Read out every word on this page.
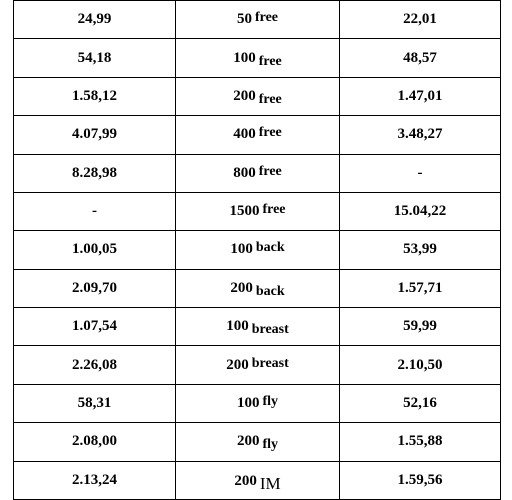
24,99	50 free	22,01
54,18	100 free	48,57
1.58,12	200 free	1.47,01
4.07,99	400 free	3.48,27
8.28,98	800 free	-
-	1500 free	15.04,22
1.00,05	100 back	53,99
2.09,70	200 back	1.57,71
1.07,54	100 breast	59,99
2.26,08	200 breast	2.10,50
58,31	100 fly	52,16
2.08,00	200 fly	1.55,88
2.13,24	200 IM	1.59,56
